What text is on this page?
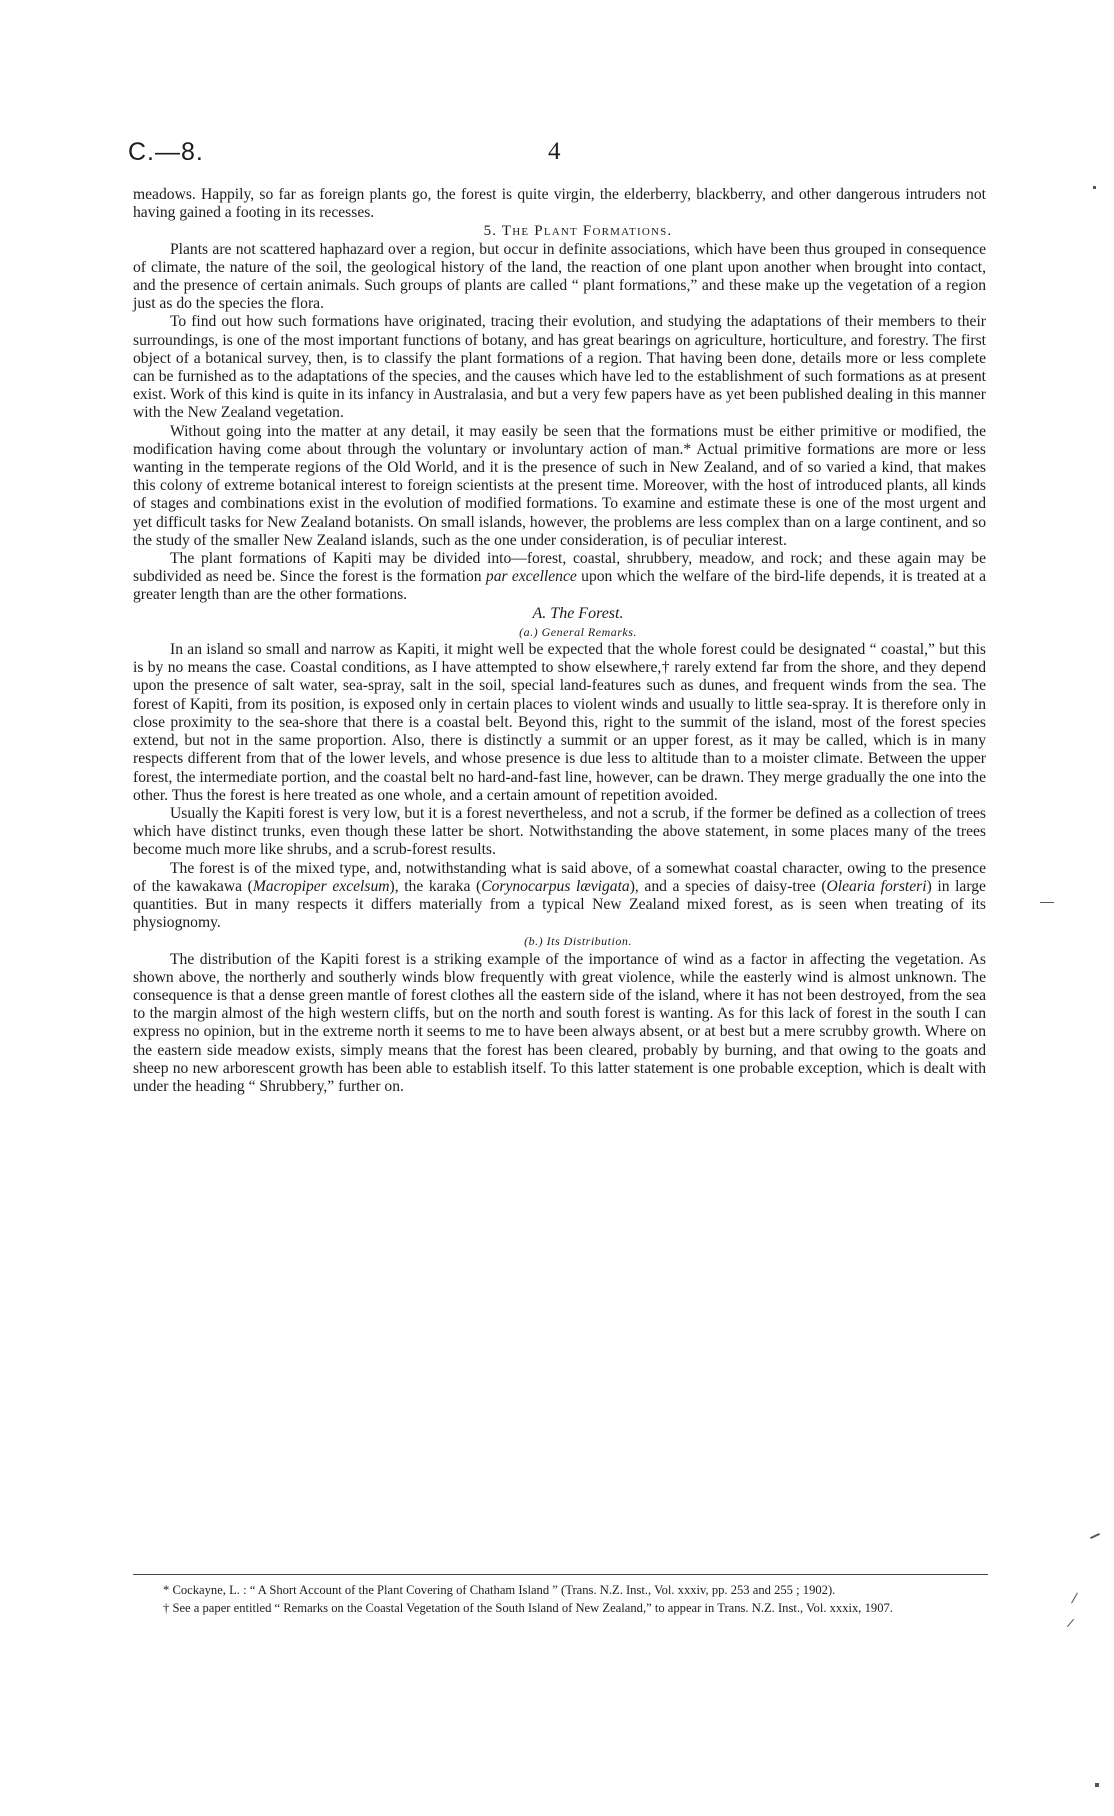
C.—8.	4

meadows. Happily, so far as foreign plants go, the forest is quite virgin, the elderberry, blackberry, and other dangerous intruders not having gained a footing in its recesses.

5. The Plant Formations.

Plants are not scattered haphazard over a region, but occur in definite associations, which have been thus grouped in consequence of climate, the nature of the soil, the geological history of the land, the reaction of one plant upon another when brought into contact, and the presence of certain animals. Such groups of plants are called “ plant formations,” and these make up the vegetation of a region just as do the species the flora.

To find out how such formations have originated, tracing their evolution, and studying the adaptations of their members to their surroundings, is one of the most important functions of botany, and has great bearings on agriculture, horticulture, and forestry. The first object of a botanical survey, then, is to classify the plant formations of a region. That having been done, details more or less complete can be furnished as to the adaptations of the species, and the causes which have led to the establishment of such formations as at present exist. Work of this kind is quite in its infancy in Australasia, and but a very few papers have as yet been published dealing in this manner with the New Zealand vegetation.

Without going into the matter at any detail, it may easily be seen that the formations must be either primitive or modified, the modification having come about through the voluntary or involuntary action of man.* Actual primitive formations are more or less wanting in the temperate regions of the Old World, and it is the presence of such in New Zealand, and of so varied a kind, that makes this colony of extreme botanical interest to foreign scientists at the present time. Moreover, with the host of introduced plants, all kinds of stages and combinations exist in the evolution of modified formations. To examine and estimate these is one of the most urgent and yet difficult tasks for New Zealand botanists. On small islands, however, the problems are less complex than on a large continent, and so the study of the smaller New Zealand islands, such as the one under consideration, is of peculiar interest.

The plant formations of Kapiti may be divided into—forest, coastal, shrubbery, meadow, and rock; and these again may be subdivided as need be. Since the forest is the formation par excellence upon which the welfare of the bird-life depends, it is treated at a greater length than are the other formations.

A. The Forest.

(a.) General Remarks.

In an island so small and narrow as Kapiti, it might well be expected that the whole forest could be designated “ coastal,” but this is by no means the case. Coastal conditions, as I have attempted to show elsewhere,† rarely extend far from the shore, and they depend upon the presence of salt water, sea-spray, salt in the soil, special land-features such as dunes, and frequent winds from the sea. The forest of Kapiti, from its position, is exposed only in certain places to violent winds and usually to little sea-spray. It is therefore only in close proximity to the sea-shore that there is a coastal belt. Beyond this, right to the summit of the island, most of the forest species extend, but not in the same proportion. Also, there is distinctly a summit or an upper forest, as it may be called, which is in many respects different from that of the lower levels, and whose presence is due less to altitude than to a moister climate. Between the upper forest, the intermediate portion, and the coastal belt no hard-and-fast line, however, can be drawn. They merge gradually the one into the other. Thus the forest is here treated as one whole, and a certain amount of repetition avoided.

Usually the Kapiti forest is very low, but it is a forest nevertheless, and not a scrub, if the former be defined as a collection of trees which have distinct trunks, even though these latter be short. Notwithstanding the above statement, in some places many of the trees become much more like shrubs, and a scrub-forest results.

The forest is of the mixed type, and, notwithstanding what is said above, of a somewhat coastal character, owing to the presence of the kawakawa (Macropiper excelsum), the karaka (Corynocarpus lævigata), and a species of daisy-tree (Olearia forsteri) in large quantities. But in many respects it differs materially from a typical New Zealand mixed forest, as is seen when treating of its physiognomy.

(b.) Its Distribution.

The distribution of the Kapiti forest is a striking example of the importance of wind as a factor in affecting the vegetation. As shown above, the northerly and southerly winds blow frequently with great violence, while the easterly wind is almost unknown. The consequence is that a dense green mantle of forest clothes all the eastern side of the island, where it has not been destroyed, from the sea to the margin almost of the high western cliffs, but on the north and south forest is wanting. As for this lack of forest in the south I can express no opinion, but in the extreme north it seems to me to have been always absent, or at best but a mere scrubby growth. Where on the eastern side meadow exists, simply means that the forest has been cleared, probably by burning, and that owing to the goats and sheep no new arborescent growth has been able to establish itself. To this latter statement is one probable exception, which is dealt with under the heading “ Shrubbery,” further on.

* Cockayne, L. : “ A Short Account of the Plant Covering of Chatham Island ” (Trans. N.Z. Inst., Vol. xxxiv, pp. 253 and 255 ; 1902).

† See a paper entitled “ Remarks on the Coastal Vegetation of the South Island of New Zealand,” to appear in Trans. N.Z. Inst., Vol. xxxix, 1907.
